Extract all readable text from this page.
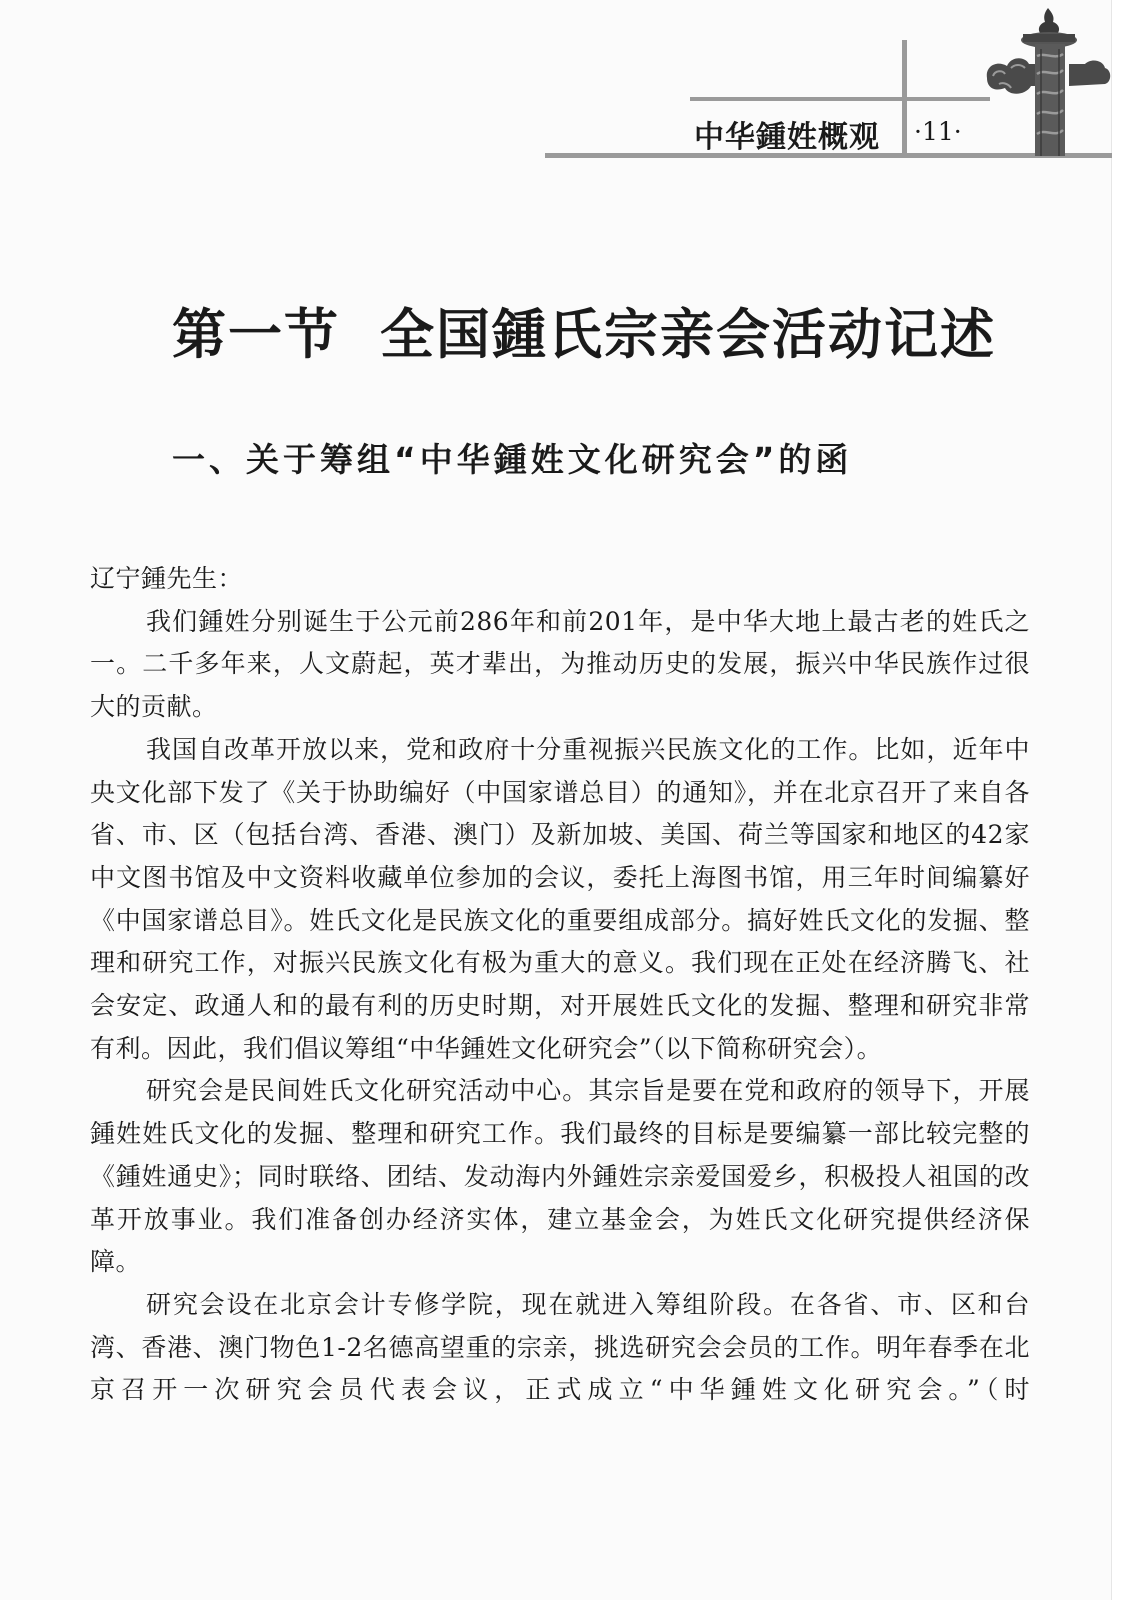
中华鍾姓概观 ·11·
第一节 全国鍾氏宗亲会活动记述
一、关于筹组“中华鍾姓文化研究会”的函

辽宁鍾先生：

我们鍾姓分别诞生于公元前286年和前201年，是中华大地上最古老的姓氏之一。二千多年来，人文蔚起，英才辈出，为推动历史的发展，振兴中华民族作过很大的贡献。

我国自改革开放以来，党和政府十分重视振兴民族文化的工作。比如，近年中央文化部下发了《关于协助编好（中国家谱总目）的通知》，并在北京召开了来自各省、市、区（包括台湾、香港、澳门）及新加坡、美国、荷兰等国家和地区的42家中文图书馆及中文资料收藏单位参加的会议，委托上海图书馆，用三年时间编纂好《中国家谱总目》。姓氏文化是民族文化的重要组成部分。搞好姓氏文化的发掘、整理和研究工作，对振兴民族文化有极为重大的意义。我们现在正处在经济腾飞、社会安定、政通人和的最有利的历史时期，对开展姓氏文化的发掘、整理和研究非常有利。因此，我们倡议筹组“中华鍾姓文化研究会”（以下简称研究会）。

研究会是民间姓氏文化研究活动中心。其宗旨是要在党和政府的领导下，开展鍾姓姓氏文化的发掘、整理和研究工作。我们最终的目标是要编纂一部比较完整的《鍾姓通史》；同时联络、团结、发动海内外鍾姓宗亲爱国爱乡，积极投人祖国的改革开放事业。我们准备创办经济实体，建立基金会，为姓氏文化研究提供经济保障。

研究会设在北京会计专修学院，现在就进入筹组阶段。在各省、市、区和台湾、香港、澳门物色1-2名德高望重的宗亲，挑选研究会会员的工作。明年春季在北京召开一次研究会员代表会议，正式成立“中华鍾姓文化研究会。”（时
